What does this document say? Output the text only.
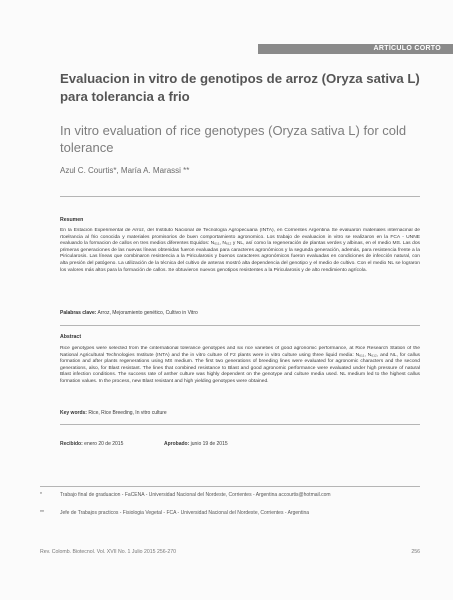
ARTÍCULO CORTO
Evaluacion in vitro de genotipos de arroz (Oryza sativa L) para tolerancia a frio
In vitro evaluation of rice genotypes (Oryza sativa L) for cold tolerance
Azul C. Courtis*, María A. Marassi **
Resumen
En la Estación Experimental de Arroz, del Instituto Nacional de Tecnología Agropecuaria (INTA), en Corrientes Argentina Se evaluaron materiales internacinal de rtoelrancia al frio conocida y materiales promisorios de buen comportamiento agronomico. Los trabajo de evaluacion in vitro se realizaron en la FCA - UNNE evaluando la formacion de callos en tres medios diferentes Equidos: N₆₁₁, N₆₁₂ y NL, así como la regeneración de plantas verdes y albinas, en el medio MS. Las dos primeras generaciones de las nuevas líneas obtenidas fueron evaluadas para caracteres agronómicos y la segunda generación, además, para resistencia frente a la Piricularosis. Las líneas que combinaron resistencia a la Piricularosis y buenos caracteres agronómicos fueron evaluadas en condiciones de infección natural, con alta presión del patógeno. La utilización de la técnica del cultivo de anteras mostró alta dependencia del genotipo y el medio de cultivo. Con el medio NL se lograron los valores más altos para la formación de callos. Se obtuvieron nuevos genotipos resistentes a la Piricularosis y de alto rendimiento agrícola.
Palabras clave: Arroz, Mejoramiento genético, Cultivo in Vitro
Abstract
Rice genotypes were selected from the cinternational tolerance genotypes and six rice varieties of good agronomic performance, at Rice Research Station of the National Agricultural Technologies Institute (INTA) and the in vitro culture of F2 plants were in vitro culture using three liquid media: N₆₁₁, N₆₁₂, and NL, for callus formation and after plants regenerations using MS medium. The first two generations of breeding lines were evaluated for agronomic characters and the second generations, also, for Blast resistant. The lines that combined resistance to Blast and good agronomic performance were evaluated under high pressure of natural Blast infection conditions. The success rate of anther culture was highly dependent on the genotype and culture media used. NL medium led to the highest callus formation values. In the process, new Blast resistant and high yielding genotypes were obtained.
Key words: Rice, Rice Breeding, In vitro culture
Recibido: enero 20 de 2015	Aprobado: junio 19 de 2015
*	Trabajo final de graduacion - FaCENA - Universidad Nacional del Nordeste, Corrientes - Argentina accourtis@hotmail.com
**	Jefe de Trabajos practicos - Fisiologia Vegetal - FCA - Universidad Nacional del Nordeste, Corrientes - Argentina
Rev. Colomb. Biotecnol. Vol. XVII No. 1 Julio 2015 256-270	256
